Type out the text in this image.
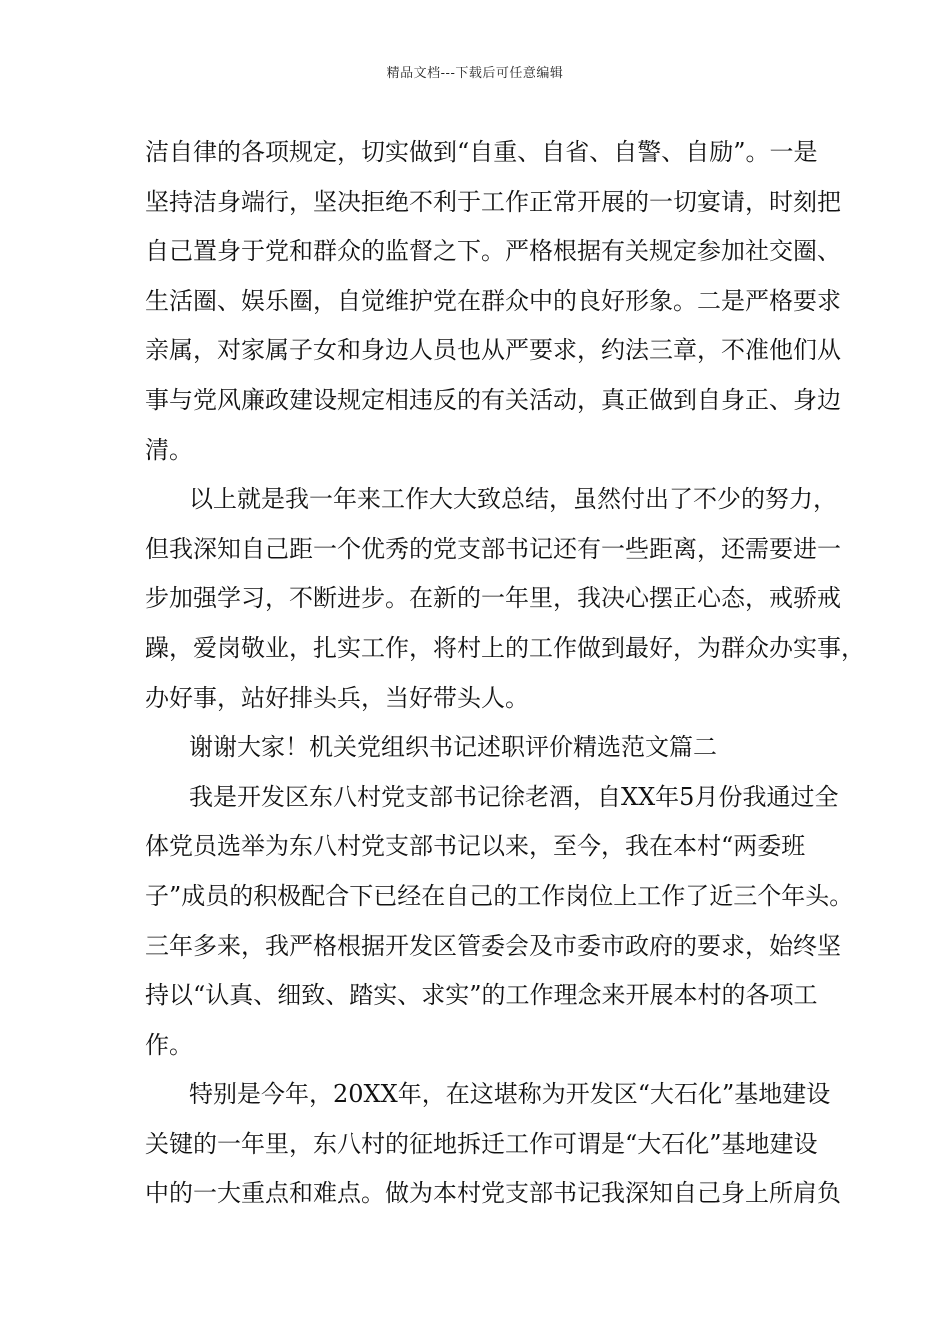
精品文档---下载后可任意编辑
洁自律的各项规定，切实做到“自重、自省、自警、自励”。一是
坚持洁身端行，坚决拒绝不利于工作正常开展的一切宴请，时刻把
自己置身于党和群众的监督之下。严格根据有关规定参加社交圈、
生活圈、娱乐圈，自觉维护党在群众中的良好形象。二是严格要求
亲属，对家属子女和身边人员也从严要求，约法三章，不准他们从
事与党风廉政建设规定相违反的有关活动，真正做到自身正、身边
清。
以上就是我一年来工作大大致总结，虽然付出了不少的努力，
但我深知自己距一个优秀的党支部书记还有一些距离，还需要进一
步加强学习，不断进步。在新的一年里，我决心摆正心态，戒骄戒
躁，爱岗敬业，扎实工作，将村上的工作做到最好，为群众办实事，
办好事，站好排头兵，当好带头人。
谢谢大家！机关党组织书记述职评价精选范文篇二
我是开发区东八村党支部书记徐老酒，自XX年5月份我通过全
体党员选举为东八村党支部书记以来，至今，我在本村“两委班
子”成员的积极配合下已经在自己的工作岗位上工作了近三个年头。
三年多来，我严格根据开发区管委会及市委市政府的要求，始终坚
持以“认真、细致、踏实、求实”的工作理念来开展本村的各项工
作。
特别是今年，20XX年，在这堪称为开发区“大石化”基地建设
关键的一年里，东八村的征地拆迁工作可谓是“大石化”基地建设
中的一大重点和难点。做为本村党支部书记我深知自己身上所肩负
